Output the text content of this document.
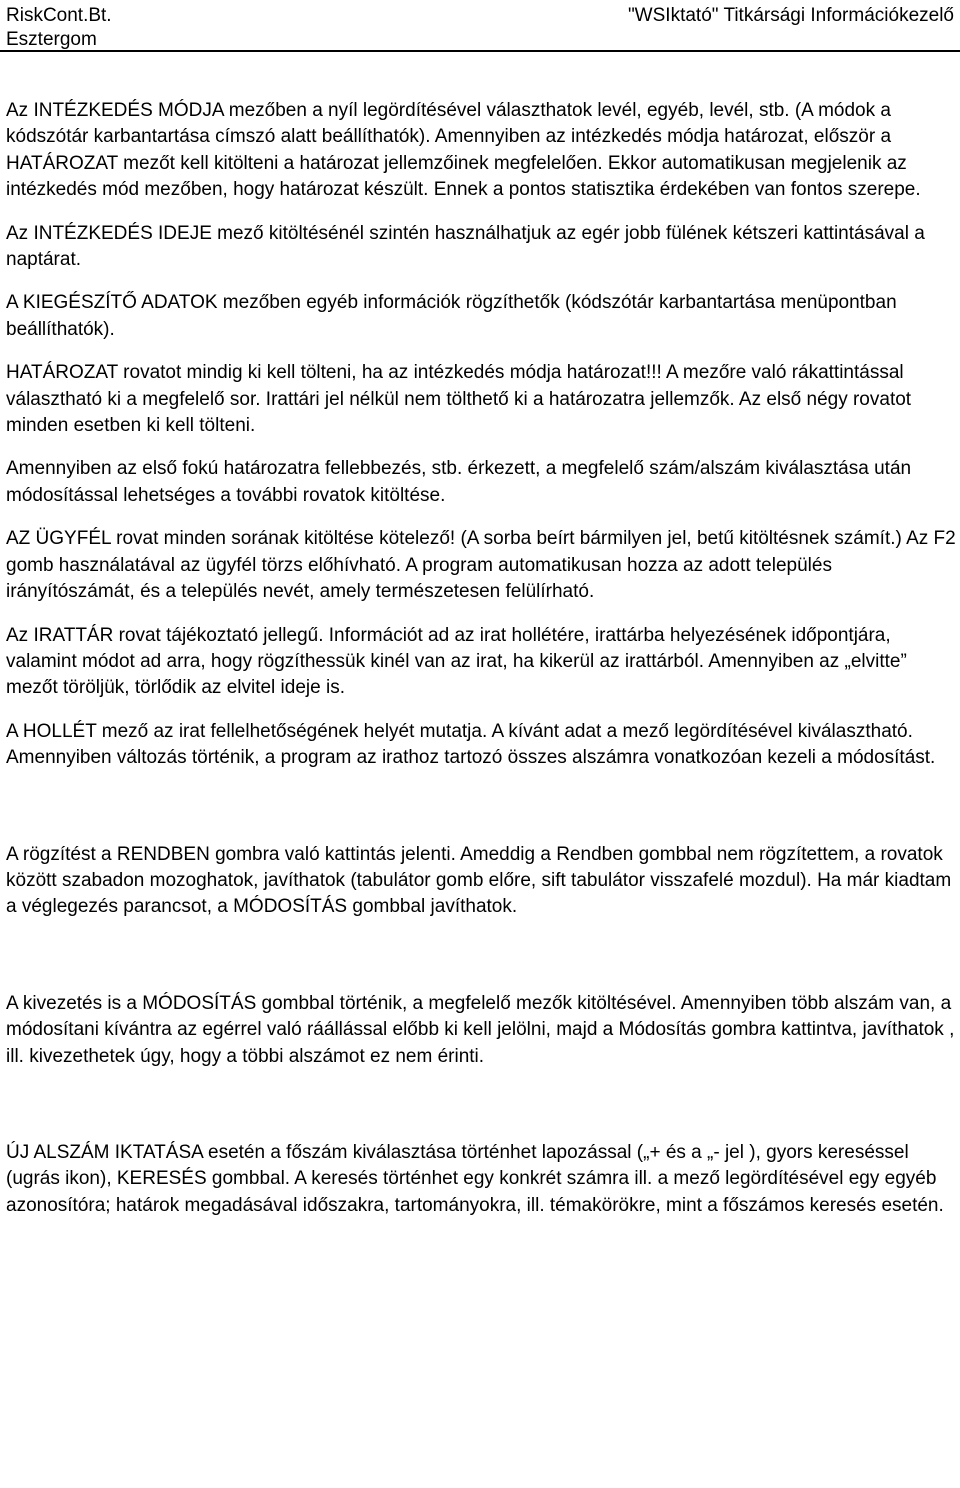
RiskCont.Bt.
Esztergom
"WSIktató" Titkársági Információkezelő

Az INTÉZKEDÉS MÓDJA mezőben a nyíl legördítésével választhatok levél, egyéb, levél, stb. (A módok a kódszótár karbantartása címszó alatt beállíthatók). Amennyiben az intézkedés módja határozat, először a HATÁROZAT mezőt kell kitölteni a határozat jellemzőinek megfelelően. Ekkor automatikusan megjelenik az intézkedés mód mezőben, hogy határozat készült. Ennek a pontos statisztika érdekében van fontos szerepe.

Az INTÉZKEDÉS IDEJE mező kitöltésénél szintén használhatjuk az egér jobb fülének kétszeri kattintásával a naptárat.

A KIEGÉSZÍTŐ ADATOK mezőben egyéb információk rögzíthetők (kódszótár karbantartása menüpontban beállíthatók).

HATÁROZAT rovatot mindig ki kell tölteni, ha az intézkedés módja határozat!!! A mezőre való rákattintással választható ki a megfelelő sor. Irattári jel nélkül nem tölthető ki a határozatra jellemzők. Az első négy rovatot minden esetben ki kell tölteni.

Amennyiben az első fokú határozatra fellebbezés, stb. érkezett, a megfelelő szám/alszám kiválasztása után módosítással lehetséges a további rovatok kitöltése.

AZ ÜGYFÉL rovat minden sorának kitöltése kötelező! (A sorba beírt bármilyen jel, betű kitöltésnek számít.) Az F2 gomb használatával az ügyfél törzs előhívható. A program automatikusan hozza az adott település irányítószámát, és a település nevét, amely természetesen felülírható.

Az IRATTÁR rovat tájékoztató jellegű. Információt ad az irat hollétére, irattárba helyezésének időpontjára, valamint módot ad arra, hogy rögzíthessük kinél van az irat, ha kikerül az irattárból. Amennyiben az „elvitte” mezőt töröljük, törlődik az elvitel ideje is.

A HOLLÉT mező az irat fellelhetőségének helyét mutatja. A kívánt adat a mező legördítésével kiválasztható. Amennyiben változás történik, a program az irathoz tartozó összes alszámra vonatkozóan kezeli a módosítást.

A rögzítést a RENDBEN gombra való kattintás jelenti. Ameddig a Rendben gombbal nem rögzítettem, a rovatok között szabadon mozoghatok, javíthatok (tabulátor gomb előre, sift tabulátor visszafelé mozdul). Ha már kiadtam a véglegezés parancsot, a MÓDOSÍTÁS gombbal javíthatok.

A kivezetés is a MÓDOSÍTÁS gombbal történik, a megfelelő mezők kitöltésével. Amennyiben több alszám van, a módosítani kívántra az egérrel való ráállással előbb ki kell jelölni, majd a Módosítás gombra kattintva, javíthatok , ill. kivezethetek úgy, hogy a többi alszámot ez nem érinti.

ÚJ ALSZÁM IKTATÁSA esetén a főszám kiválasztása történhet lapozással („+ és a „- jel ), gyors kereséssel (ugrás ikon), KERESÉS gombbal. A keresés történhet egy konkrét számra ill. a mező legördítésével egy egyéb azonosítóra; határok megadásával időszakra, tartományokra, ill. témakörökre, mint a főszámos keresés esetén.
